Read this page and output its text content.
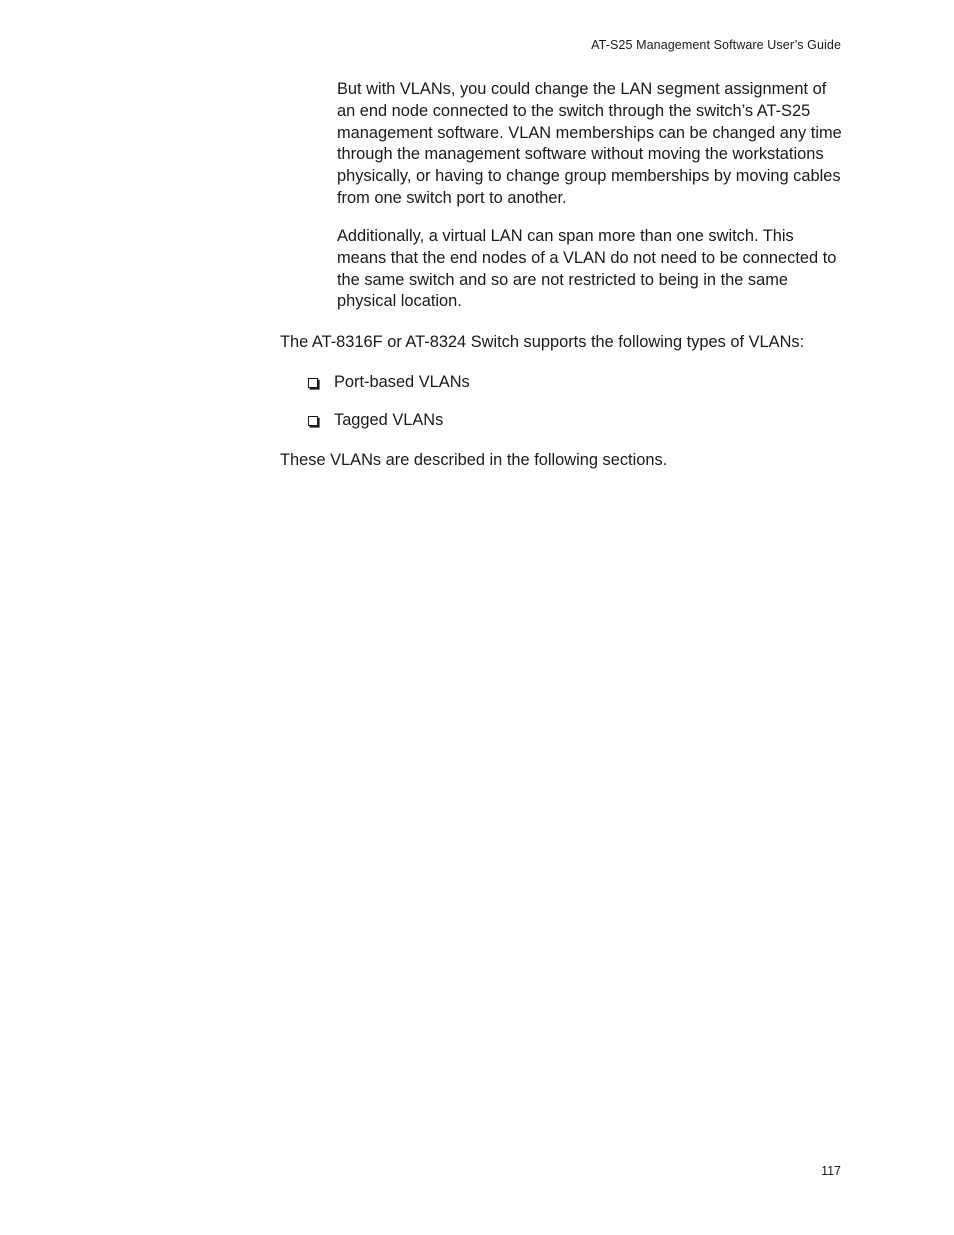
AT-S25 Management Software User’s Guide

But with VLANs, you could change the LAN segment assignment of an end node connected to the switch through the switch’s AT-S25 management software. VLAN memberships can be changed any time through the management software without moving the workstations physically, or having to change group memberships by moving cables from one switch port to another.

Additionally, a virtual LAN can span more than one switch. This means that the end nodes of a VLAN do not need to be connected to the same switch and so are not restricted to being in the same physical location.

The AT-8316F or AT-8324 Switch supports the following types of VLANs:

Port-based VLANs
Tagged VLANs

These VLANs are described in the following sections.

117
